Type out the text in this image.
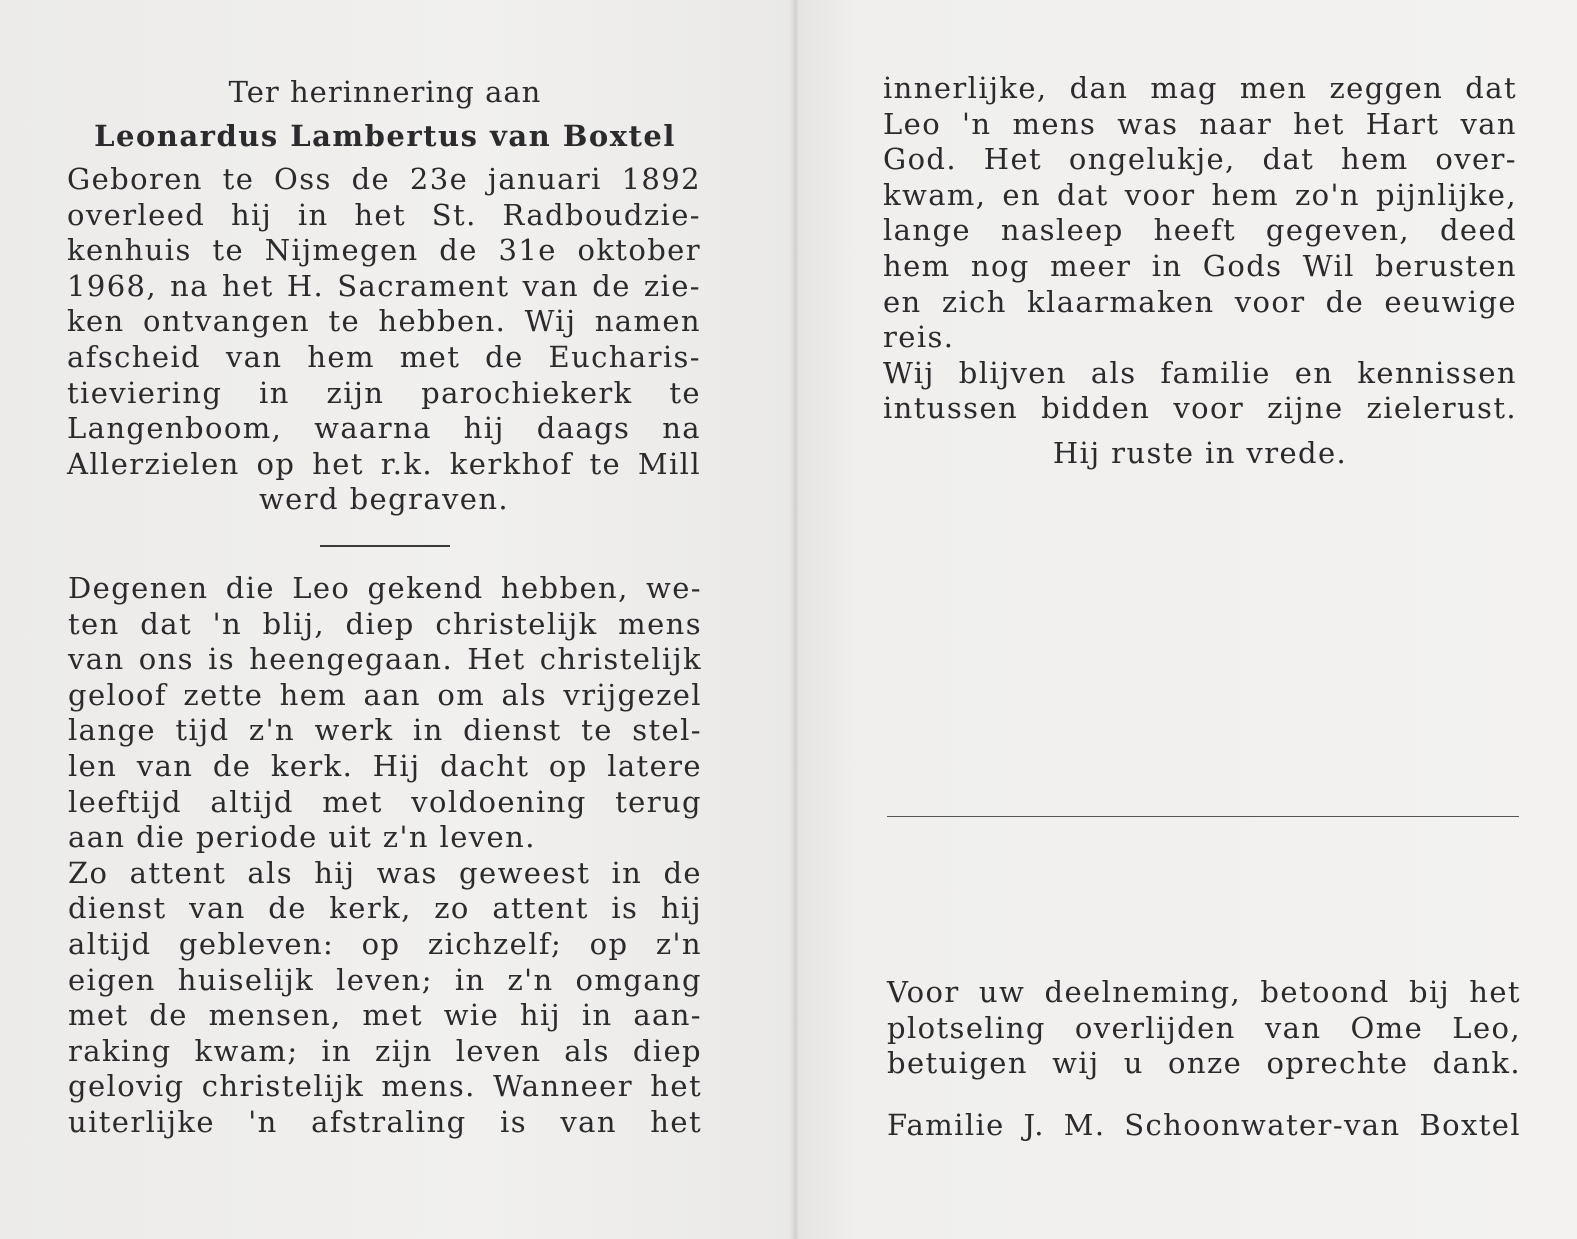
Ter herinnering aan
Leonardus Lambertus van Boxtel
Geboren te Oss de 23e januari 1892
overleed hij in het St. Radboudzie-
kenhuis te Nijmegen de 31e oktober
1968, na het H. Sacrament van de zie-
ken ontvangen te hebben. Wij namen
afscheid van hem met de Eucharis-
tieviering in zijn parochiekerk te
Langenboom, waarna hij daags na
Allerzielen op het r.k. kerkhof te Mill
werd begraven.
Degenen die Leo gekend hebben, we-
ten dat 'n blij, diep christelijk mens
van ons is heengegaan. Het christelijk
geloof zette hem aan om als vrijgezel
lange tijd z'n werk in dienst te stel-
len van de kerk. Hij dacht op latere
leeftijd altijd met voldoening terug
aan die periode uit z'n leven.
Zo attent als hij was geweest in de
dienst van de kerk, zo attent is hij
altijd gebleven: op zichzelf; op z'n
eigen huiselijk leven; in z'n omgang
met de mensen, met wie hij in aan-
raking kwam; in zijn leven als diep
gelovig christelijk mens. Wanneer het
uiterlijke 'n afstraling is van het
innerlijke, dan mag men zeggen dat
Leo 'n mens was naar het Hart van
God. Het ongelukje, dat hem over-
kwam, en dat voor hem zo'n pijnlijke,
lange nasleep heeft gegeven, deed
hem nog meer in Gods Wil berusten
en zich klaarmaken voor de eeuwige
reis.
Wij blijven als familie en kennissen
intussen bidden voor zijne zielerust.
Hij ruste in vrede.
Voor uw deelneming, betoond bij het
plotseling overlijden van Ome Leo,
betuigen wij u onze oprechte dank.
Familie J. M. Schoonwater-van Boxtel
